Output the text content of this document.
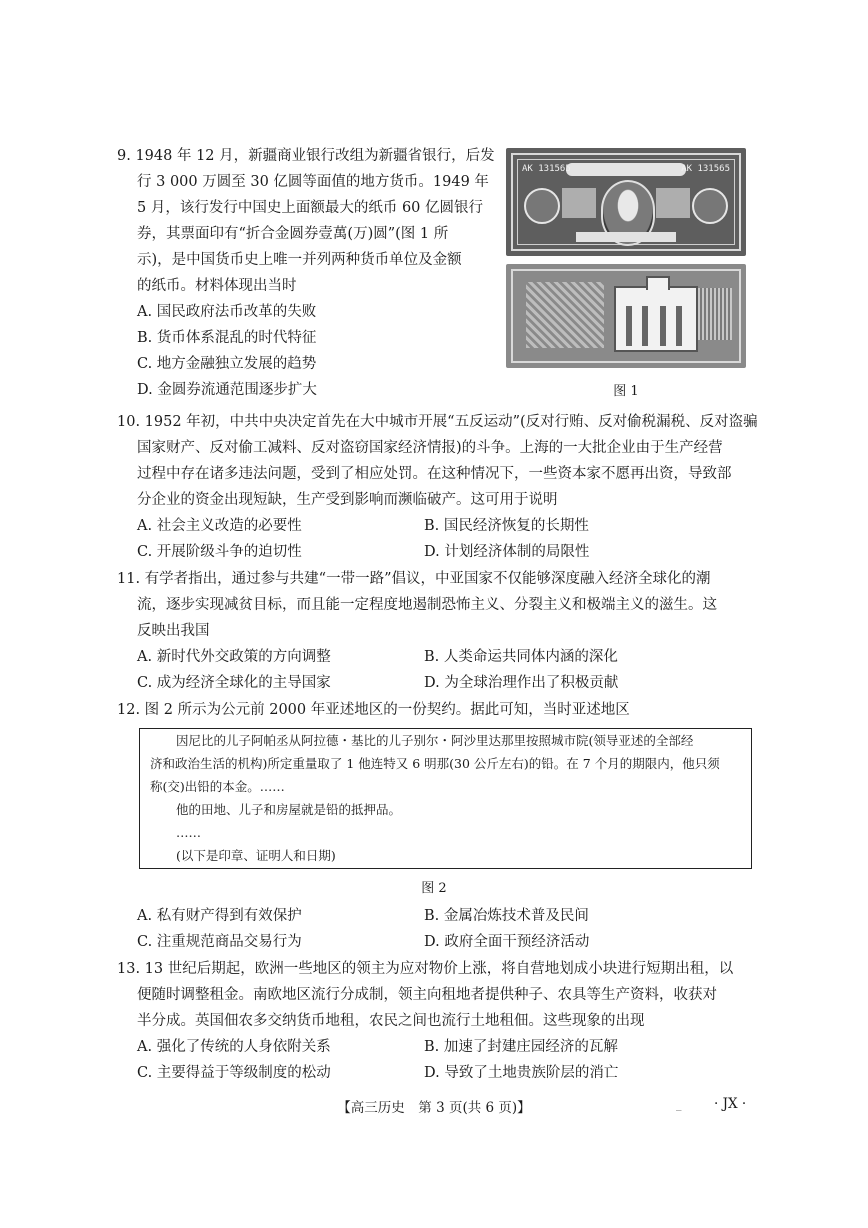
9. 1948 年 12 月，新疆商业银行改组为新疆省银行，后发
行 3 000 万圆至 30 亿圆等面值的地方货币。1949 年
5 月，该行发行中国史上面额最大的纸币 60 亿圆银行
券，其票面印有“折合金圆券壹萬(万)圆”(图 1 所
示)，是中国货币史上唯一并列两种货币单位及金额
的纸币。材料体现出当时
A. 国民政府法币改革的失败
B. 货币体系混乱的时代特征
C. 地方金融独立发展的趋势
D. 金圆券流通范围逐步扩大
AK 131565	AK 131565
图 1
10. 1952 年初，中共中央决定首先在大中城市开展“五反运动”(反对行贿、反对偷税漏税、反对盗骗
国家财产、反对偷工减料、反对盗窃国家经济情报)的斗争。上海的一大批企业由于生产经营
过程中存在诸多违法问题，受到了相应处罚。在这种情况下，一些资本家不愿再出资，导致部
分企业的资金出现短缺，生产受到影响而濒临破产。这可用于说明
A. 社会主义改造的必要性	B. 国民经济恢复的长期性
C. 开展阶级斗争的迫切性	D. 计划经济体制的局限性
11. 有学者指出，通过参与共建“一带一路”倡议，中亚国家不仅能够深度融入经济全球化的潮
流，逐步实现减贫目标，而且能一定程度地遏制恐怖主义、分裂主义和极端主义的滋生。这
反映出我国
A. 新时代外交政策的方向调整	B. 人类命运共同体内涵的深化
C. 成为经济全球化的主导国家	D. 为全球治理作出了积极贡献
12. 图 2 所示为公元前 2000 年亚述地区的一份契约。据此可知，当时亚述地区
因尼比的儿子阿帕丞从阿拉德・基比的儿子别尔・阿沙里达那里按照城市院(领导亚述的全部经
济和政治生活的机构)所定重量取了 1 他连特又 6 明那(30 公斤左右)的铅。在 7 个月的期限内，他只须
称(交)出铅的本金。……
他的田地、儿子和房屋就是铅的抵押品。
……
(以下是印章、证明人和日期)
图 2
A. 私有财产得到有效保护	B. 金属冶炼技术普及民间
C. 注重规范商品交易行为	D. 政府全面干预经济活动
13. 13 世纪后期起，欧洲一些地区的领主为应对物价上涨，将自营地划成小块进行短期出租，以
便随时调整租金。南欧地区流行分成制，领主向租地者提供种子、农具等生产资料，收获对
半分成。英国佃农多交纳货币地租，农民之间也流行土地租佃。这些现象的出现
A. 强化了传统的人身依附关系	B. 加速了封建庄园经济的瓦解
C. 主要得益于等级制度的松动	D. 导致了土地贵族阶层的消亡
【高三历史　第 3 页(共 6 页)】	_ · JX ·
